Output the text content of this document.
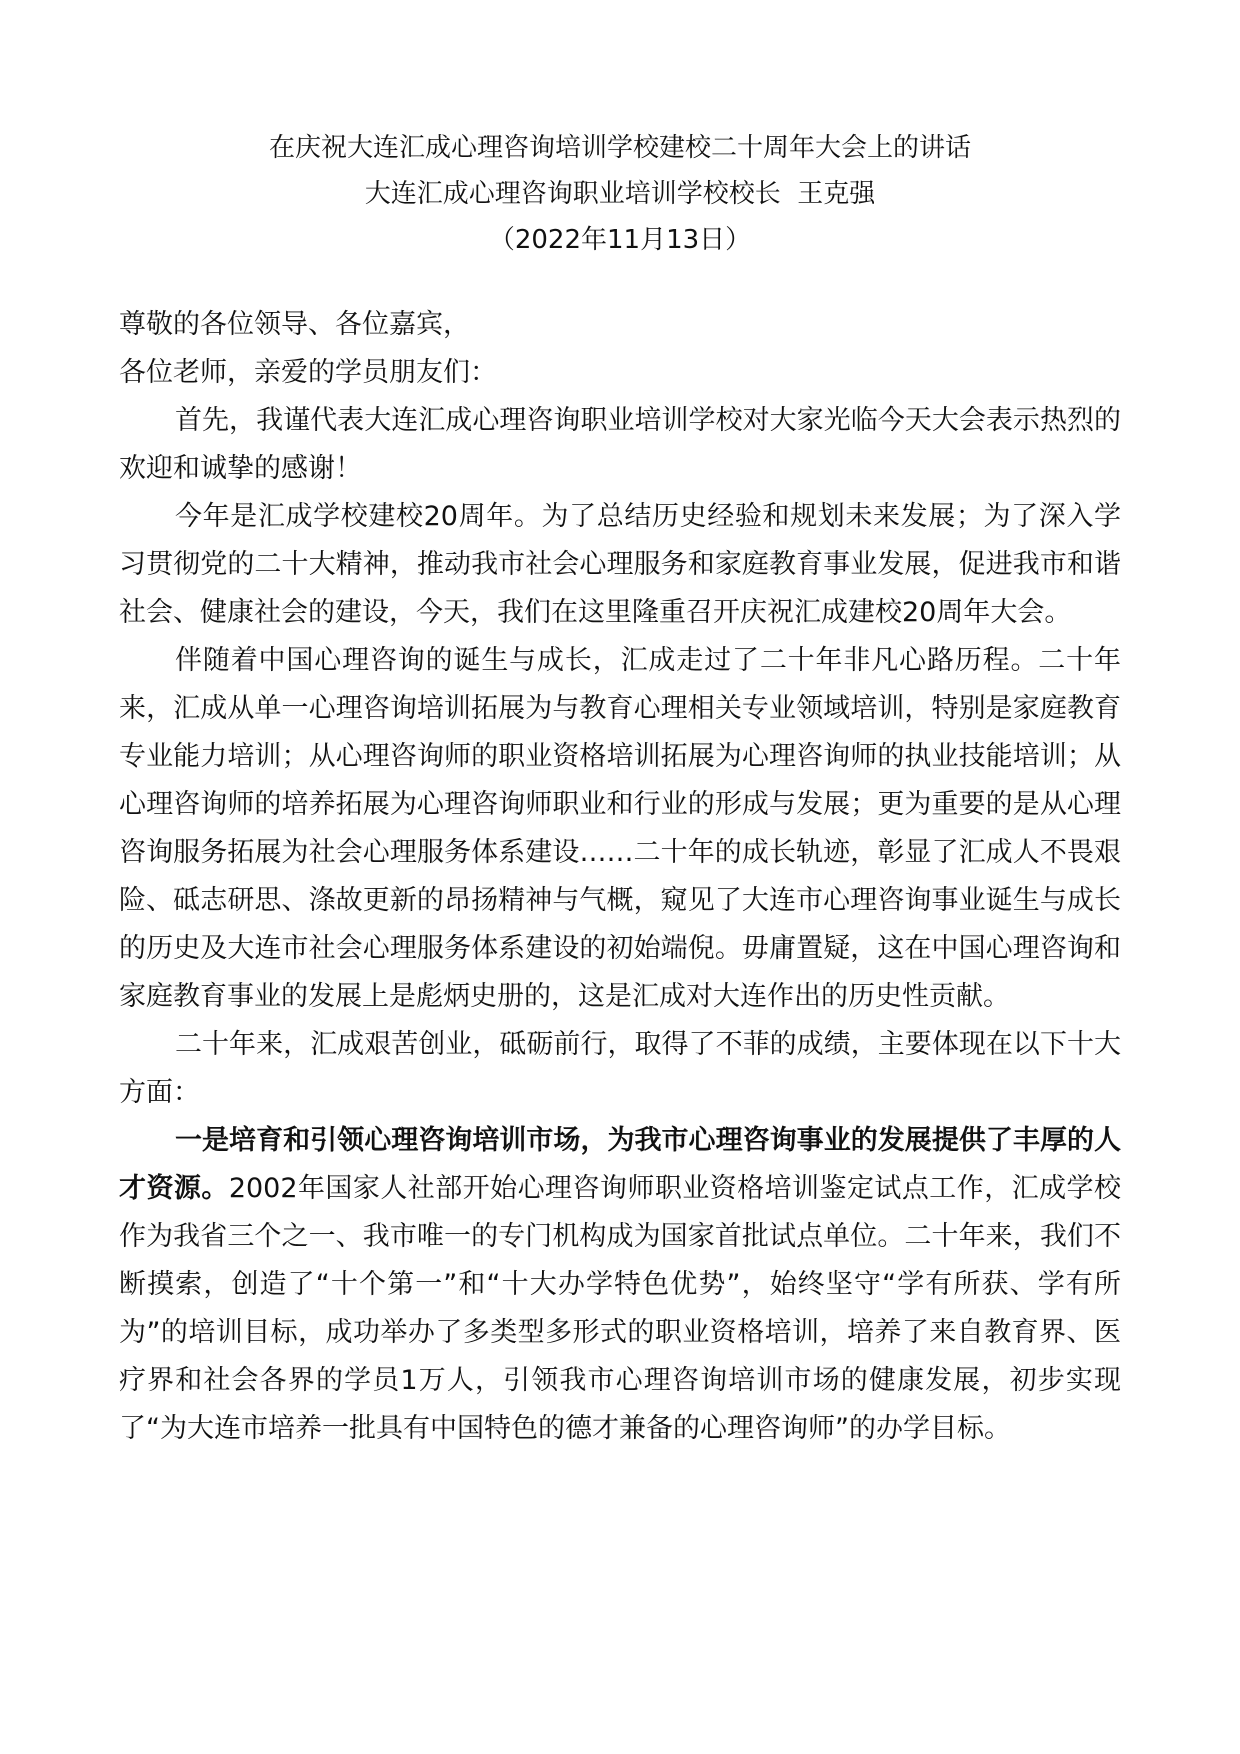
在庆祝大连汇成心理咨询培训学校建校二十周年大会上的讲话
大连汇成心理咨询职业培训学校校长  王克强
（2022年11月13日）

尊敬的各位领导、各位嘉宾，

各位老师，亲爱的学员朋友们：

首先，我谨代表大连汇成心理咨询职业培训学校对大家光临今天大会表示热烈的欢迎和诚挚的感谢！

今年是汇成学校建校20周年。为了总结历史经验和规划未来发展；为了深入学习贯彻党的二十大精神，推动我市社会心理服务和家庭教育事业发展，促进我市和谐社会、健康社会的建设，今天，我们在这里隆重召开庆祝汇成建校20周年大会。

伴随着中国心理咨询的诞生与成长，汇成走过了二十年非凡心路历程。二十年来，汇成从单一心理咨询培训拓展为与教育心理相关专业领域培训，特别是家庭教育专业能力培训；从心理咨询师的职业资格培训拓展为心理咨询师的执业技能培训；从心理咨询师的培养拓展为心理咨询师职业和行业的形成与发展；更为重要的是从心理咨询服务拓展为社会心理服务体系建设……二十年的成长轨迹，彰显了汇成人不畏艰险、砥志研思、涤故更新的昂扬精神与气概，窥见了大连市心理咨询事业诞生与成长的历史及大连市社会心理服务体系建设的初始端倪。毋庸置疑，这在中国心理咨询和家庭教育事业的发展上是彪炳史册的，这是汇成对大连作出的历史性贡献。

二十年来，汇成艰苦创业，砥砺前行，取得了不菲的成绩，主要体现在以下十大方面：

一是培育和引领心理咨询培训市场，为我市心理咨询事业的发展提供了丰厚的人才资源。2002年国家人社部开始心理咨询师职业资格培训鉴定试点工作，汇成学校作为我省三个之一、我市唯一的专门机构成为国家首批试点单位。二十年来，我们不断摸索，创造了“十个第一”和“十大办学特色优势”，始终坚守“学有所获、学有所为”的培训目标，成功举办了多类型多形式的职业资格培训，培养了来自教育界、医疗界和社会各界的学员1万人，引领我市心理咨询培训市场的健康发展，初步实现了“为大连市培养一批具有中国特色的德才兼备的心理咨询师”的办学目标。
